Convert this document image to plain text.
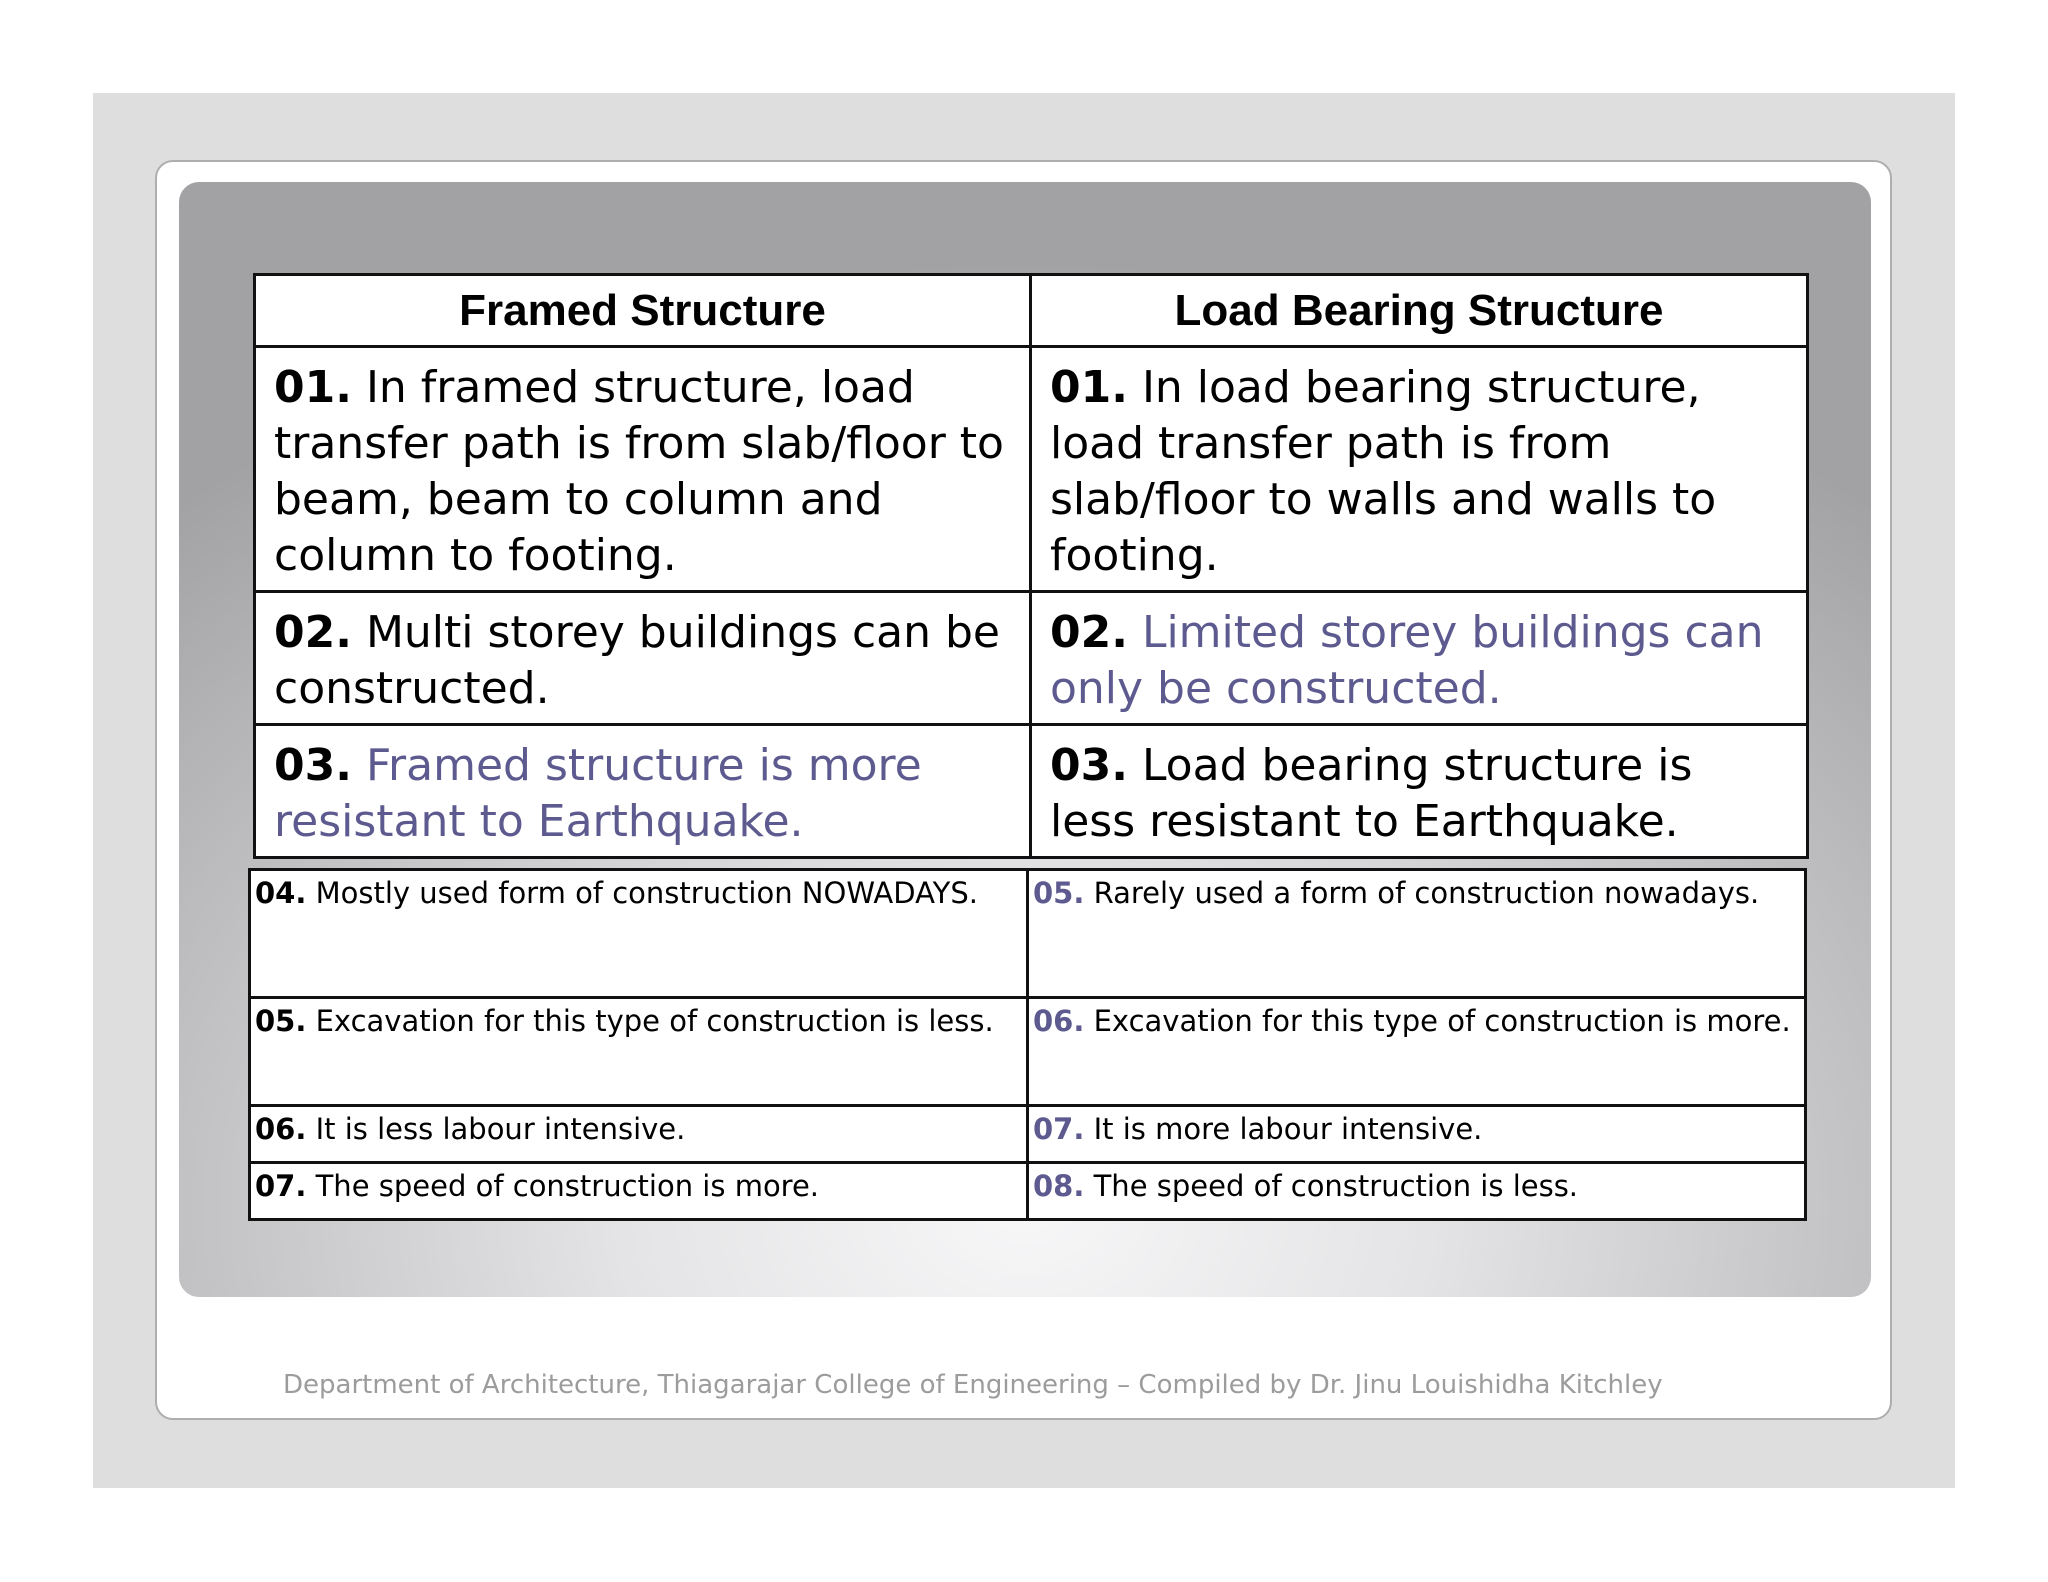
Framed Structure	Load Bearing Structure
01. In framed structure, load transfer path is from slab/floor to beam, beam to column and column to footing.	01. In load bearing structure, load transfer path is from slab/floor to walls and walls to footing.
02. Multi storey buildings can be constructed.	02. Limited storey buildings can only be constructed.
03. Framed structure is more resistant to Earthquake.	03. Load bearing structure is less resistant to Earthquake.
04. Mostly used form of construction NOWADAYS.	05. Rarely used a form of construction nowadays.
05. Excavation for this type of construction is less.	06. Excavation for this type of construction is more.
06. It is less labour intensive.	07. It is more labour intensive.
07. The speed of construction is more.	08. The speed of construction is less.
Department of Architecture, Thiagarajar College of Engineering – Compiled by Dr. Jinu Louishidha Kitchley
